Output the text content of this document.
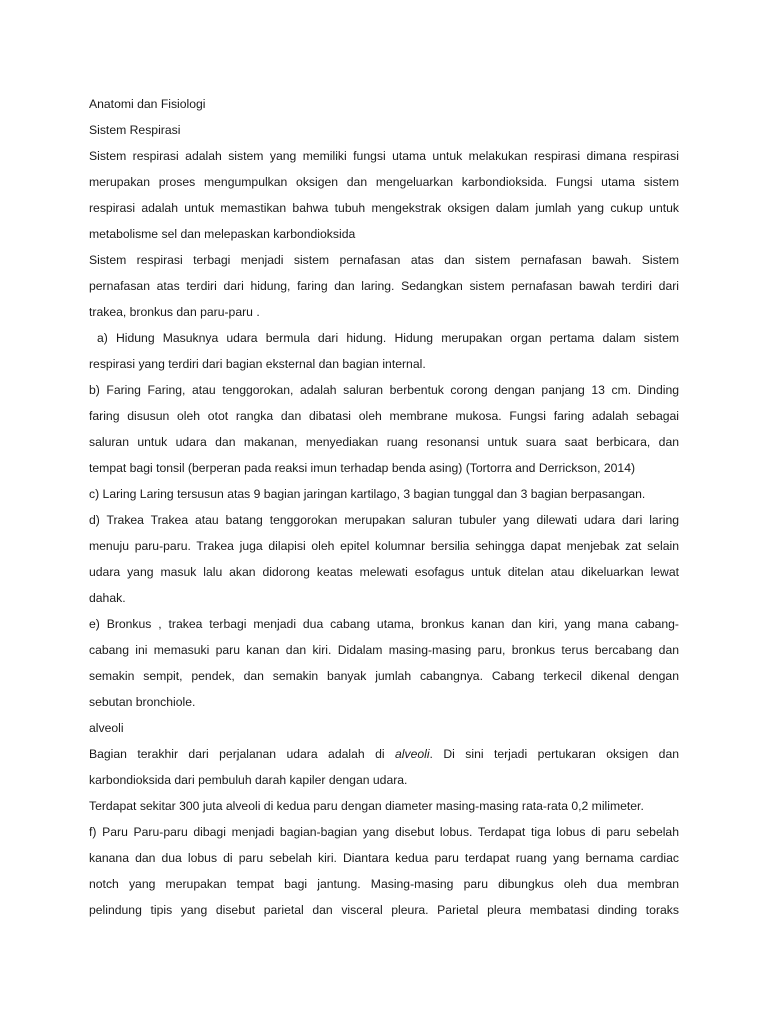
Anatomi dan Fisiologi
Sistem Respirasi
Sistem respirasi adalah sistem yang memiliki fungsi utama untuk melakukan respirasi dimana respirasi
merupakan proses mengumpulkan oksigen dan mengeluarkan karbondioksida. Fungsi utama sistem
respirasi adalah untuk memastikan bahwa tubuh mengekstrak oksigen dalam jumlah yang cukup untuk
metabolisme sel dan melepaskan karbondioksida
Sistem respirasi terbagi menjadi sistem pernafasan atas dan sistem pernafasan bawah. Sistem
pernafasan atas terdiri dari hidung, faring dan laring. Sedangkan sistem pernafasan bawah terdiri dari
trakea, bronkus dan paru-paru .
a) Hidung Masuknya udara bermula dari hidung. Hidung merupakan organ pertama dalam sistem
respirasi yang terdiri dari bagian eksternal dan bagian internal.
b) Faring Faring, atau tenggorokan, adalah saluran berbentuk corong dengan panjang 13 cm. Dinding
faring disusun oleh otot rangka dan dibatasi oleh membrane mukosa. Fungsi faring adalah sebagai
saluran untuk udara dan makanan, menyediakan ruang resonansi untuk suara saat berbicara, dan
tempat bagi tonsil (berperan pada reaksi imun terhadap benda asing) (Tortorra and Derrickson, 2014)
c) Laring Laring tersusun atas 9 bagian jaringan kartilago, 3 bagian tunggal dan 3 bagian berpasangan.
d) Trakea Trakea atau batang tenggorokan merupakan saluran tubuler yang dilewati udara dari laring
menuju paru-paru. Trakea juga dilapisi oleh epitel kolumnar bersilia sehingga dapat menjebak zat selain
udara yang masuk lalu akan didorong keatas melewati esofagus untuk ditelan atau dikeluarkan lewat
dahak.
e) Bronkus , trakea terbagi menjadi dua cabang utama, bronkus kanan dan kiri, yang mana cabang-
cabang ini memasuki paru kanan dan kiri. Didalam masing-masing paru, bronkus terus bercabang dan
semakin sempit, pendek, dan semakin banyak jumlah cabangnya. Cabang terkecil dikenal dengan
sebutan bronchiole.
alveoli
Bagian terakhir dari perjalanan udara adalah di alveoli. Di sini terjadi pertukaran oksigen dan
karbondioksida dari pembuluh darah kapiler dengan udara.
Terdapat sekitar 300 juta alveoli di kedua paru dengan diameter masing-masing rata-rata 0,2 milimeter.
f) Paru Paru-paru dibagi menjadi bagian-bagian yang disebut lobus. Terdapat tiga lobus di paru sebelah
kanana dan dua lobus di paru sebelah kiri. Diantara kedua paru terdapat ruang yang bernama cardiac
notch yang merupakan tempat bagi jantung. Masing-masing paru dibungkus oleh dua membran
pelindung tipis yang disebut parietal dan visceral pleura. Parietal pleura membatasi dinding toraks
